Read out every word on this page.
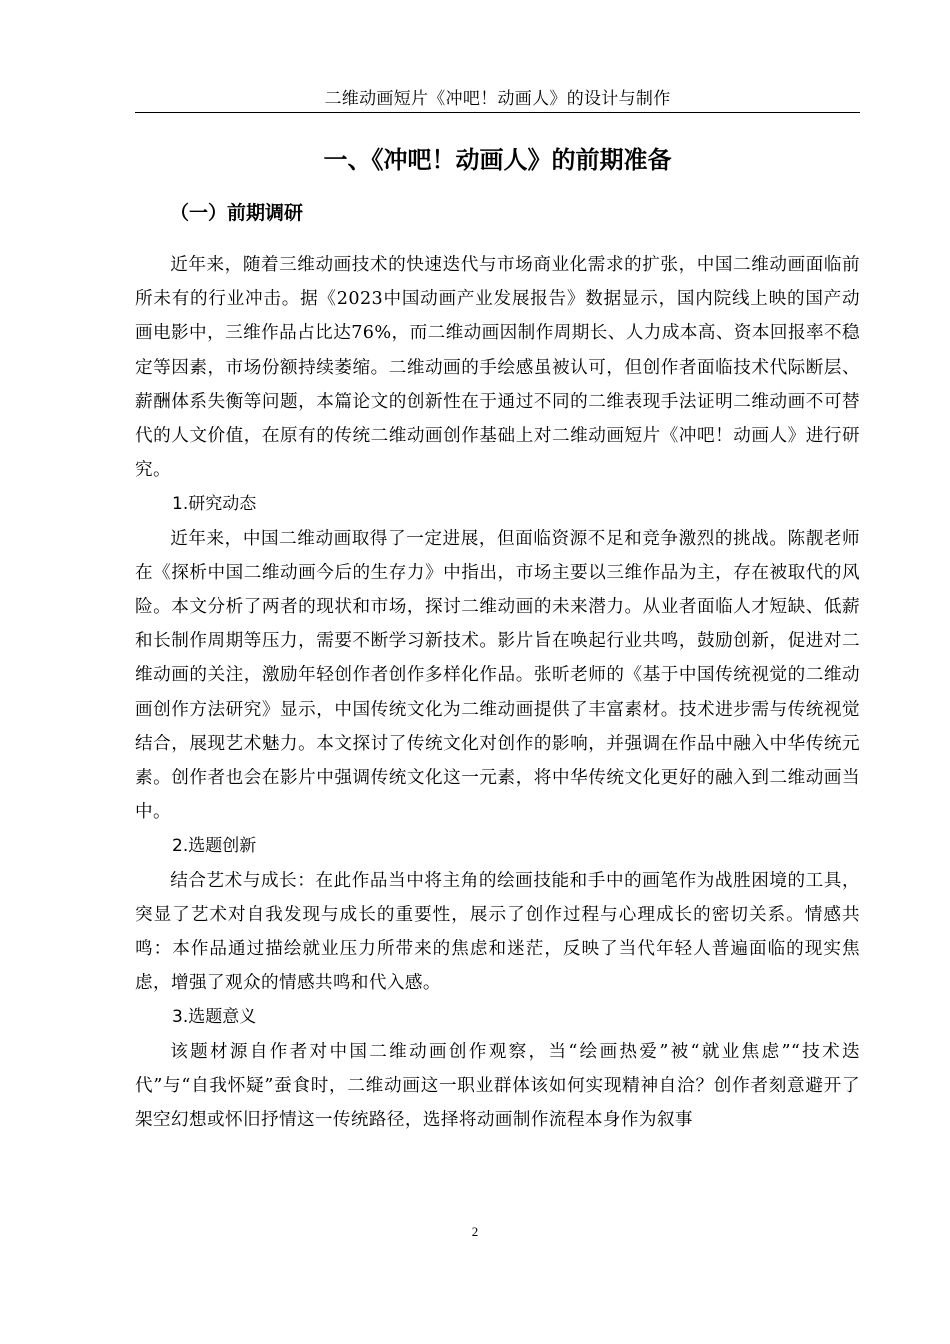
二维动画短片《冲吧！动画人》的设计与制作
一、《冲吧！动画人》的前期准备
（一）前期调研

近年来，随着三维动画技术的快速迭代与市场商业化需求的扩张，中国二维动画面临前所未有的行业冲击。据《2023中国动画产业发展报告》数据显示，国内院线上映的国产动画电影中，三维作品占比达76%，而二维动画因制作周期长、人力成本高、资本回报率不稳定等因素，市场份额持续萎缩。二维动画的手绘感虽被认可，但创作者面临技术代际断层、薪酬体系失衡等问题，本篇论文的创新性在于通过不同的二维表现手法证明二维动画不可替代的人文价值，在原有的传统二维动画创作基础上对二维动画短片《冲吧！动画人》进行研究。

1.研究动态

近年来，中国二维动画取得了一定进展，但面临资源不足和竞争激烈的挑战。陈靓老师在《探析中国二维动画今后的生存力》中指出，市场主要以三维作品为主，存在被取代的风险。本文分析了两者的现状和市场，探讨二维动画的未来潜力。从业者面临人才短缺、低薪和长制作周期等压力，需要不断学习新技术。影片旨在唤起行业共鸣，鼓励创新，促进对二维动画的关注，激励年轻创作者创作多样化作品。张昕老师的《基于中国传统视觉的二维动画创作方法研究》显示，中国传统文化为二维动画提供了丰富素材。技术进步需与传统视觉结合，展现艺术魅力。本文探讨了传统文化对创作的影响，并强调在作品中融入中华传统元素。创作者也会在影片中强调传统文化这一元素，将中华传统文化更好的融入到二维动画当中。

2.选题创新

结合艺术与成长：在此作品当中将主角的绘画技能和手中的画笔作为战胜困境的工具，突显了艺术对自我发现与成长的重要性，展示了创作过程与心理成长的密切关系。情感共鸣：本作品通过描绘就业压力所带来的焦虑和迷茫，反映了当代年轻人普遍面临的现实焦虑，增强了观众的情感共鸣和代入感。

3.选题意义

该题材源自作者对中国二维动画创作观察，当“绘画热爱”被“就业焦虑”“技术迭代”与“自我怀疑”蚕食时，二维动画这一职业群体该如何实现精神自洽？创作者刻意避开了架空幻想或怀旧抒情这一传统路径，选择将动画制作流程本身作为叙事

2
